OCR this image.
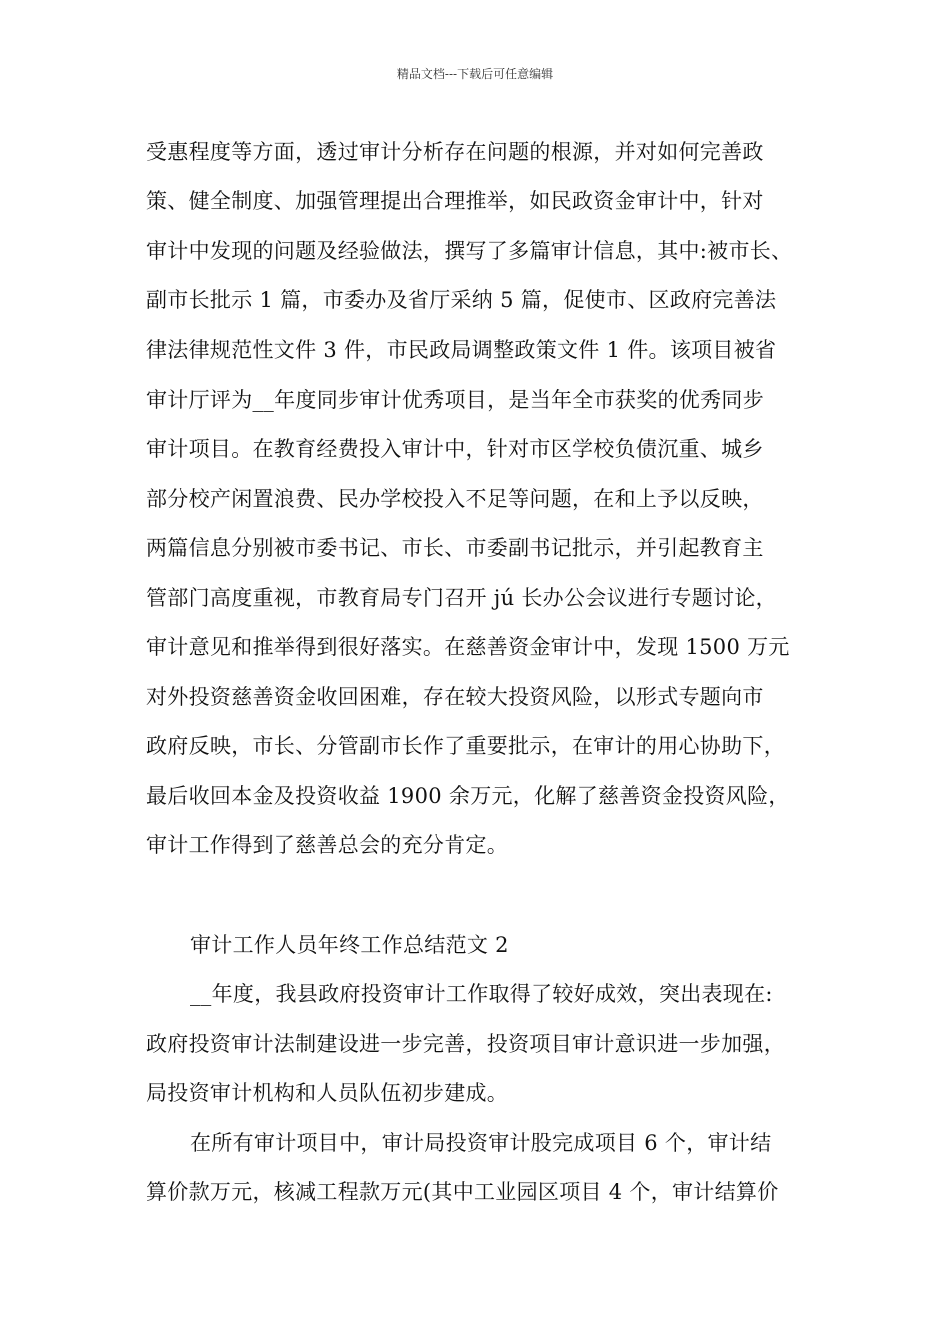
精品文档---下载后可任意编辑
受惠程度等方面，透过审计分析存在问题的根源，并对如何完善政
策、健全制度、加强管理提出合理推举，如民政资金审计中，针对
审计中发现的问题及经验做法，撰写了多篇审计信息，其中:被市长、
副市长批示 1 篇，市委办及省厅采纳 5 篇，促使市、区政府完善法
律法律规范性文件 3 件，市民政局调整政策文件 1 件。该项目被省
审计厅评为__年度同步审计优秀项目，是当年全市获奖的优秀同步
审计项目。在教育经费投入审计中，针对市区学校负债沉重、城乡
部分校产闲置浪费、民办学校投入不足等问题，在和上予以反映，
两篇信息分别被市委书记、市长、市委副书记批示，并引起教育主
管部门高度重视，市教育局专门召开 jú 长办公会议进行专题讨论，
审计意见和推举得到很好落实。在慈善资金审计中，发现 1500 万元
对外投资慈善资金收回困难，存在较大投资风险，以形式专题向市
政府反映，市长、分管副市长作了重要批示，在审计的用心协助下，
最后收回本金及投资收益 1900 余万元，化解了慈善资金投资风险，
审计工作得到了慈善总会的充分肯定。
审计工作人员年终工作总结范文 2
__年度，我县政府投资审计工作取得了较好成效，突出表现在:
政府投资审计法制建设进一步完善，投资项目审计意识进一步加强，
局投资审计机构和人员队伍初步建成。
在所有审计项目中，审计局投资审计股完成项目 6 个，审计结
算价款万元，核减工程款万元(其中工业园区项目 4 个，审计结算价
